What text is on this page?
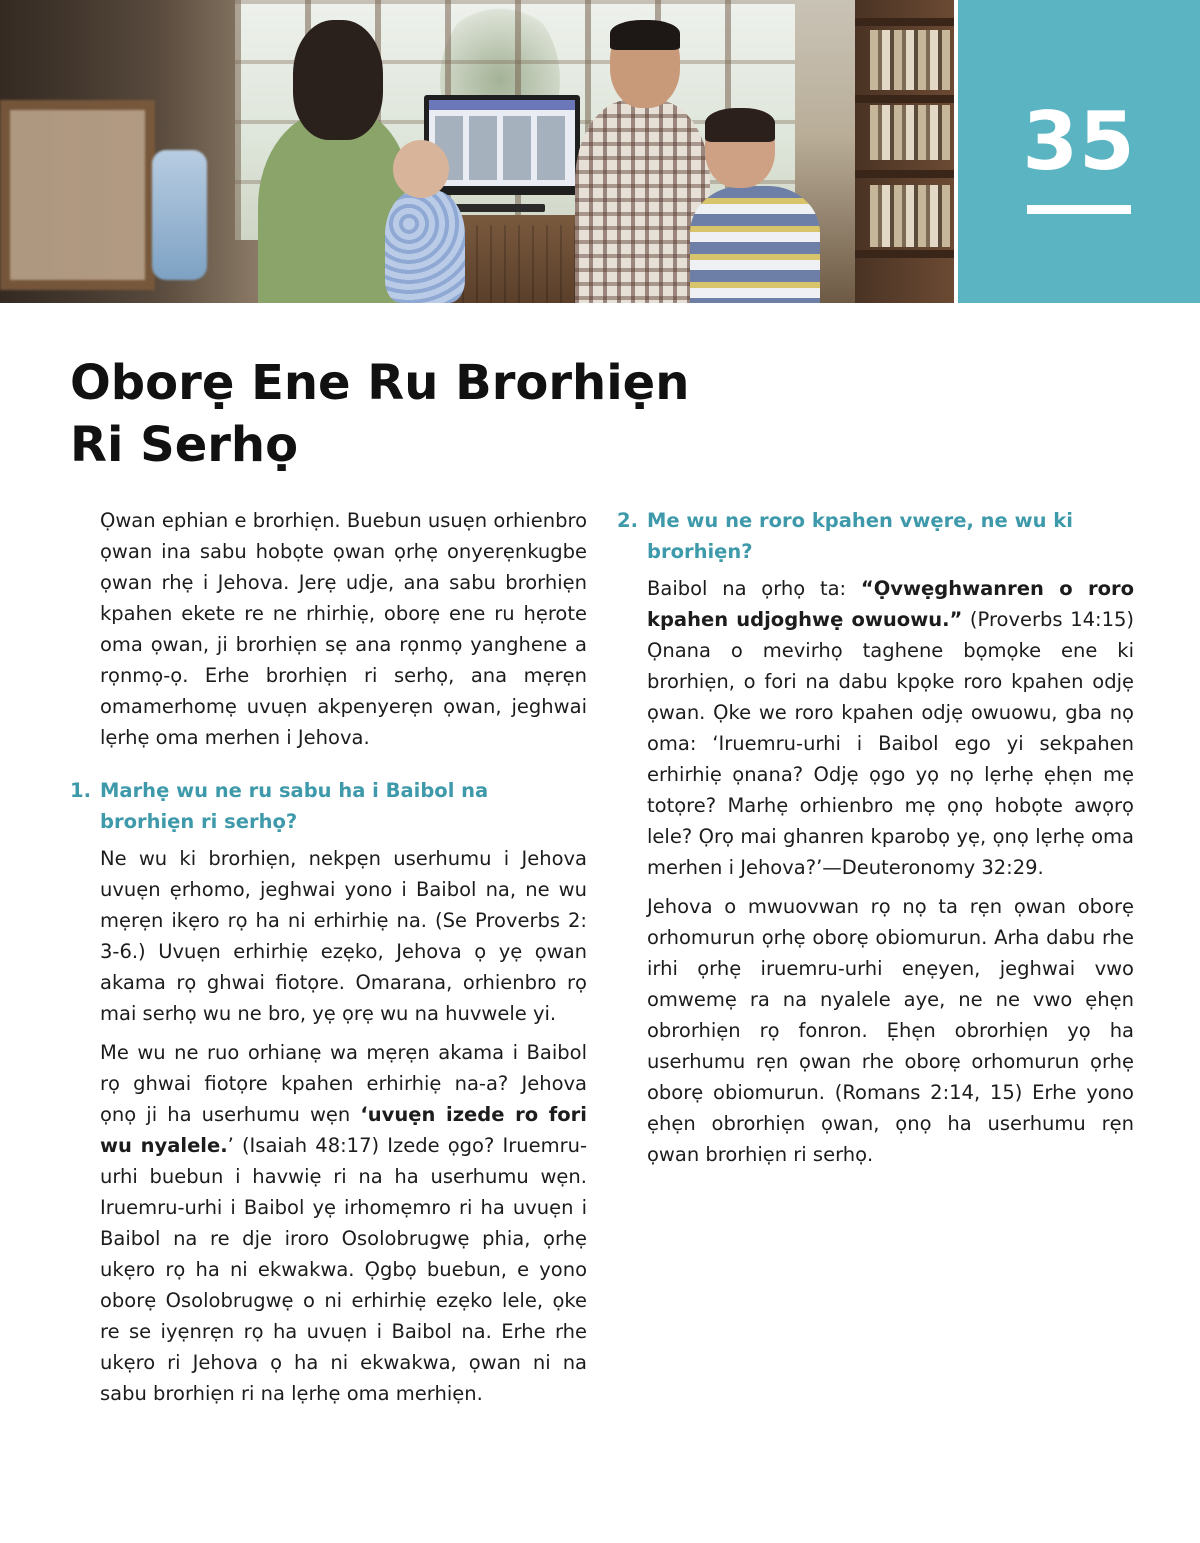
35
Oborẹ Ene Ru Brorhiẹn
Ri Serhọ

Ọwan ephian e brorhiẹn. Buebun usuẹn orhienbro ọwan ina sabu hobọte ọwan ọrhẹ onyerẹnkugbe ọwan rhẹ i Jehova. Jerẹ udje, ana sabu brorhiẹn kpahen ekete re ne rhirhiẹ, oborẹ ene ru hẹrote oma ọwan, ji brorhiẹn sẹ ana rọnmọ yanghene a rọnmọ-ọ. Erhe brorhiẹn ri serhọ, ana mẹrẹn omamerhomẹ uvuẹn akpenyerẹn ọwan, jeghwai lẹrhẹ oma merhen i Jehova.

1. Marhẹ wu ne ru sabu ha i Baibol na brorhiẹn ri serhọ?

Ne wu ki brorhiẹn, nekpẹn userhumu i Jehova uvuẹn ẹrhomo, jeghwai yono i Baibol na, ne wu mẹrẹn ikẹro rọ ha ni erhirhiẹ na. (Se Proverbs 2: 3-6.) Uvuẹn erhirhiẹ ezẹko, Jehova ọ yẹ ọwan akama rọ ghwai fiotọre. Omarana, orhienbro rọ mai serhọ wu ne bro, yẹ ọrẹ wu na huvwele yi.

Me wu ne ruo orhianẹ wa mẹrẹn akama i Baibol rọ ghwai fiotọre kpahen erhirhiẹ na-a? Jehova ọnọ ji ha userhumu wẹn ‘uvuẹn izede ro fori wu nyalele.’ (Isaiah 48:17) Izede ọgo? Iruemru-urhi buebun i havwiẹ ri na ha userhumu wẹn. Iruemru-urhi i Baibol yẹ irhomẹmro ri ha uvuẹn i Baibol na re dje iroro Osolobrugwẹ phia, ọrhẹ ukẹro rọ ha ni ekwakwa. Ọgbọ buebun, e yono oborẹ Osolobrugwẹ o ni erhirhiẹ ezẹko lele, ọke re se iyẹnrẹn rọ ha uvuẹn i Baibol na. Erhe rhe ukẹro ri Jehova ọ ha ni ekwakwa, ọwan ni na sabu brorhiẹn ri na lẹrhẹ oma merhiẹn.

2. Me wu ne roro kpahen vwẹre, ne wu ki brorhiẹn?

Baibol na ọrhọ ta: “Ọvwẹghwanren o roro kpahen udjoghwẹ owuowu.” (Proverbs 14:15) Ọnana o mevirhọ taghene bọmọke ene ki brorhiẹn, o fori na dabu kpọke roro kpahen odjẹ ọwan. Ọke we roro kpahen odjẹ owuowu, gba nọ oma: ‘Iruemru-urhi i Baibol ego yi sekpahen erhirhiẹ ọnana? Odjẹ ọgo yọ nọ lẹrhẹ ẹhẹn mẹ totọre? Marhẹ orhienbro mẹ ọnọ hobọte awọrọ lele? Ọrọ mai ghanren kparobọ yẹ, ọnọ lẹrhẹ oma merhen i Jehova?’—Deuteronomy 32:29.

Jehova o mwuovwan rọ nọ ta rẹn ọwan oborẹ orhomurun ọrhẹ oborẹ obiomurun. Arha dabu rhe irhi ọrhẹ iruemru-urhi enẹyen, jeghwai vwo omwemẹ ra na nyalele aye, ne ne vwo ẹhẹn obrorhiẹn rọ fonron. Ẹhẹn obrorhiẹn yọ ha userhumu rẹn ọwan rhe oborẹ orhomurun ọrhẹ oborẹ obiomurun. (Romans 2:14, 15) Erhe yono ẹhẹn obrorhiẹn ọwan, ọnọ ha userhumu rẹn ọwan brorhiẹn ri serhọ.
